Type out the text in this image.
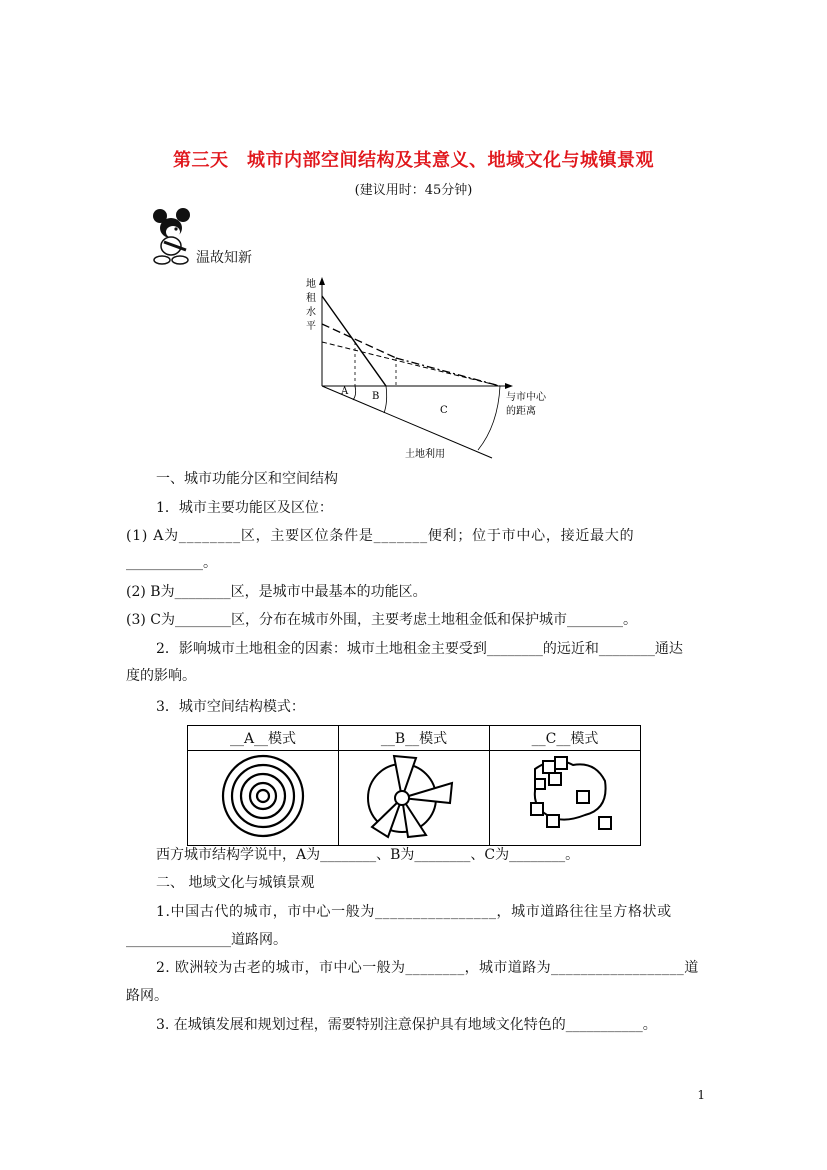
第三天　城市内部空间结构及其意义、地域文化与城镇景观
(建议用时：45分钟)
温故知新
地
租
水
平
与市中心
的距离
土地利用
A B
C
一、城市功能分区和空间结构
1．城市主要功能区及区位：
(1) A为________区，主要区位条件是_______便利；位于市中心，接近最大的
___________。
(2) B为________区，是城市中最基本的功能区。
(3) C为________区，分布在城市外围，主要考虑土地租金低和保护城市________。
2．影响城市土地租金的因素：城市土地租金主要受到________的远近和________通达
度的影响。
3．城市空间结构模式：
__A__模式	__B__模式	__C__模式

西方城市结构学说中，A为________、B为________、C为________。
二、 地域文化与城镇景观
1.中国古代的城市，市中心一般为________________，城市道路往往呈方格状或
_______________道路网。
2. 欧洲较为古老的城市，市中心一般为________，城市道路为__________________道
路网。
3. 在城镇发展和规划过程，需要特别注意保护具有地域文化特色的___________。
1
